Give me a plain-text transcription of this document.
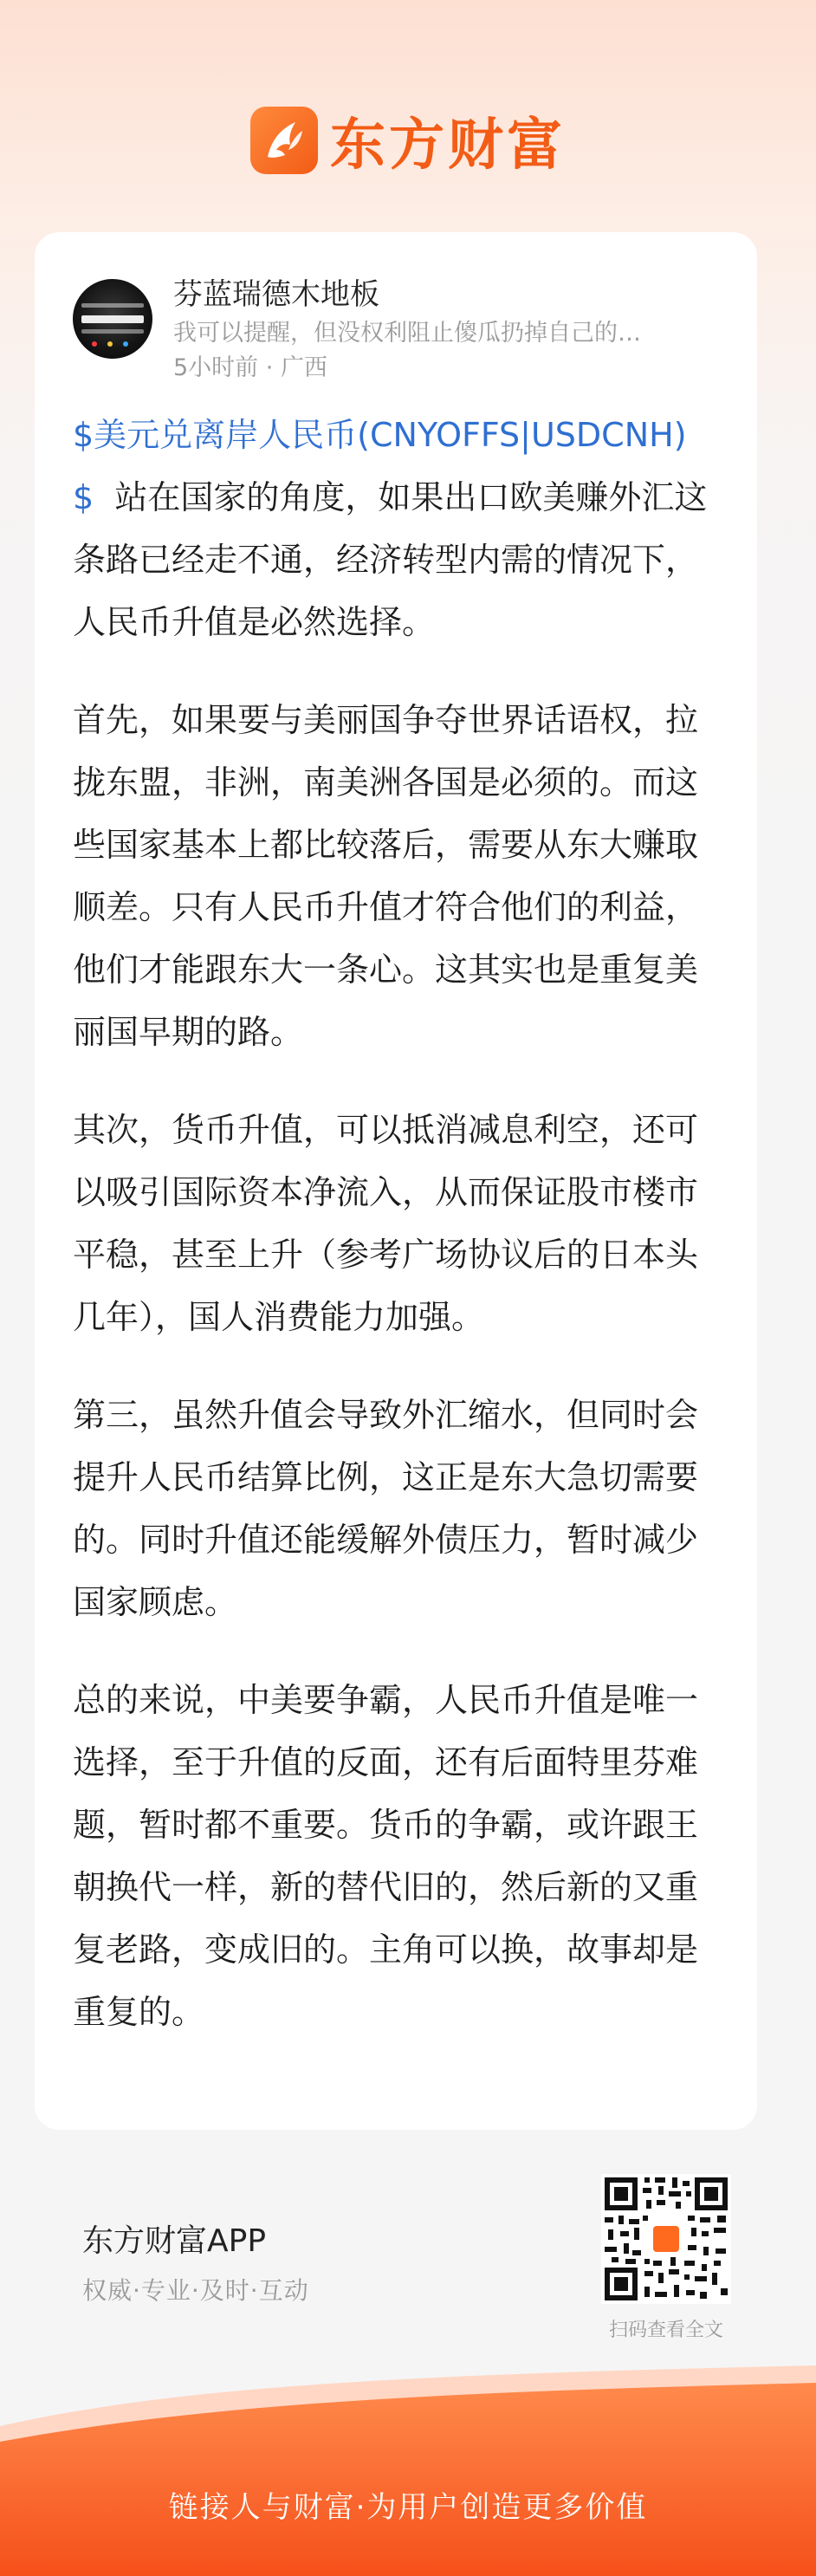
东方财富
芬蓝瑞德木地板
我可以提醒，但没权利阻止傻瓜扔掉自己的…
5小时前 · 广西

$美元兑离岸人民币(CNYOFFS|USDCNH)$ 站在国家的角度，如果出口欧美赚外汇这条路已经走不通，经济转型内需的情况下，人民币升值是必然选择。

首先，如果要与美丽国争夺世界话语权，拉拢东盟，非洲，南美洲各国是必须的。而这些国家基本上都比较落后，需要从东大赚取顺差。只有人民币升值才符合他们的利益，他们才能跟东大一条心。这其实也是重复美丽国早期的路。

其次，货币升值，可以抵消减息利空，还可以吸引国际资本净流入，从而保证股市楼市平稳，甚至上升（参考广场协议后的日本头几年），国人消费能力加强。

第三，虽然升值会导致外汇缩水，但同时会提升人民币结算比例，这正是东大急切需要的。同时升值还能缓解外债压力，暂时减少国家顾虑。

总的来说，中美要争霸，人民币升值是唯一选择，至于升值的反面，还有后面特里芬难题，暂时都不重要。货币的争霸，或许跟王朝换代一样，新的替代旧的，然后新的又重复老路，变成旧的。主角可以换，故事却是重复的。

东方财富APP
权威·专业·及时·互动
扫码查看全文
链接人与财富·为用户创造更多价值
